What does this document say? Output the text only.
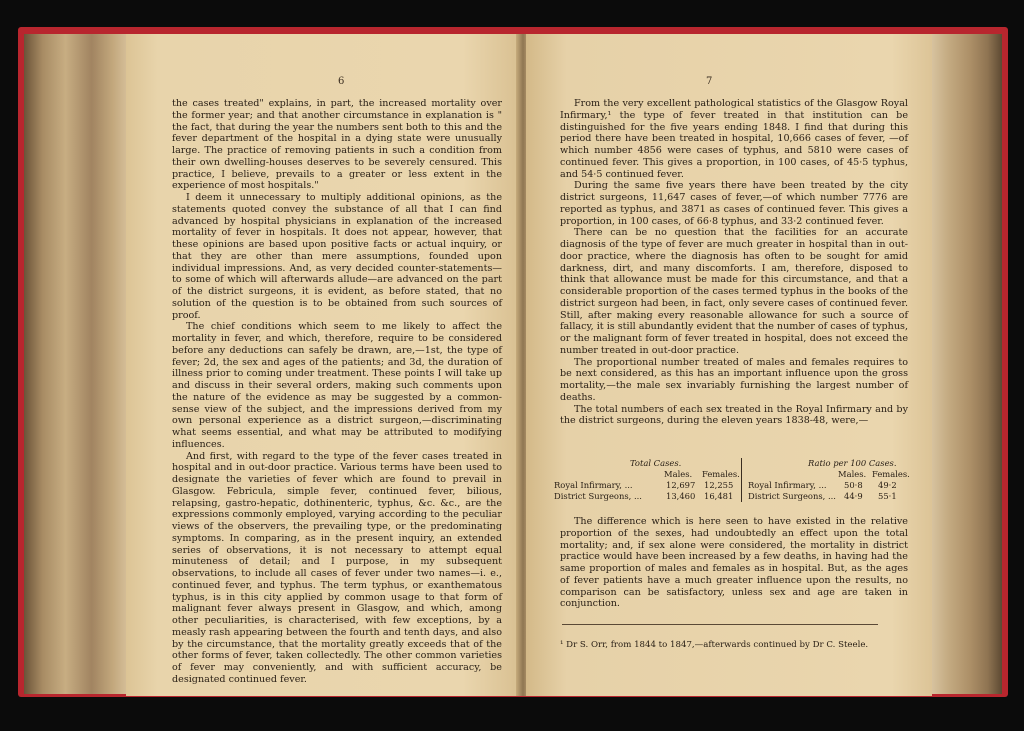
6

the cases treated" explains, in part, the increased mortality over the former year; and that another circumstance in explanation is " the fact, that during the year the numbers sent both to this and the fever department of the hospital in a dying state were unusually large. The practice of removing patients in such a condition from their own dwelling-houses deserves to be severely censured. This practice, I believe, prevails to a greater or less extent in the experience of most hospitals."

I deem it unnecessary to multiply additional opinions, as the statements quoted convey the substance of all that I can find advanced by hospital physicians in explanation of the increased mortality of fever in hospitals. It does not appear, however, that these opinions are based upon positive facts or actual inquiry, or that they are other than mere assumptions, founded upon individual impressions. And, as very decided counter-statements—to some of which will afterwards allude—are advanced on the part of the district surgeons, it is evident, as before stated, that no solution of the question is to be obtained from such sources of proof.

The chief conditions which seem to me likely to affect the mortality in fever, and which, therefore, require to be considered before any deductions can safely be drawn, are,—1st, the type of fever; 2d, the sex and ages of the patients; and 3d, the duration of illness prior to coming under treatment. These points I will take up and discuss in their several orders, making such comments upon the nature of the evidence as may be suggested by a common-sense view of the subject, and the impressions derived from my own personal experience as a district surgeon,—discriminating what seems essential, and what may be attributed to modifying influences.

And first, with regard to the type of the fever cases treated in hospital and in out-door practice. Various terms have been used to designate the varieties of fever which are found to prevail in Glasgow. Febricula, simple fever, continued fever, bilious, relapsing, gastro-hepatic, dothinenteric, typhus, &c. &c., are the expressions commonly employed, varying according to the peculiar views of the observers, the prevailing type, or the predominating symptoms. In comparing, as in the present inquiry, an extended series of observations, it is not necessary to attempt equal minuteness of detail; and I purpose, in my subsequent observations, to include all cases of fever under two names—i. e., continued fever, and typhus. The term typhus, or exanthematous typhus, is in this city applied by common usage to that form of malignant fever always present in Glasgow, and which, among other peculiarities, is characterised, with few exceptions, by a measly rash appearing between the fourth and tenth days, and also by the circumstance, that the mortality greatly exceeds that of the other forms of fever, taken collectedly. The other common varieties of fever may conveniently, and with sufficient accuracy, be designated continued fever.

7

From the very excellent pathological statistics of the Glasgow Royal Infirmary,¹ the type of fever treated in that institution can be distinguished for the five years ending 1848. I find that during this period there have been treated in hospital, 10,666 cases of fever, —of which number 4856 were cases of typhus, and 5810 were cases of continued fever. This gives a proportion, in 100 cases, of 45·5 typhus, and 54·5 continued fever.

During the same five years there have been treated by the city district surgeons, 11,647 cases of fever,—of which number 7776 are reported as typhus, and 3871 as cases of continued fever. This gives a proportion, in 100 cases, of 66·8 typhus, and 33·2 continued fever.

There can be no question that the facilities for an accurate diagnosis of the type of fever are much greater in hospital than in out-door practice, where the diagnosis has often to be sought for amid darkness, dirt, and many discomforts. I am, therefore, disposed to think that allowance must be made for this circumstance, and that a considerable proportion of the cases termed typhus in the books of the district surgeon had been, in fact, only severe cases of continued fever. Still, after making every reasonable allowance for such a source of fallacy, it is still abundantly evident that the number of cases of typhus, or the malignant form of fever treated in hospital, does not exceed the number treated in out-door practice.

The proportional number treated of males and females requires to be next considered, as this has an important influence upon the gross mortality,—the male sex invariably furnishing the largest number of deaths.

The total numbers of each sex treated in the Royal Infirmary and by the district surgeons, during the eleven years 1838-48, were,—

Total Cases.	Ratio per 100 Cases.
Males. Females.	Males. Females.
Royal Infirmary, ...	12,697 12,255 Royal Infirmary, ... 50·8 49·2
District Surgeons, ...	13,460 16,481 District Surgeons, ... 44·9 55·1

The difference which is here seen to have existed in the relative proportion of the sexes, had undoubtedly an effect upon the total mortality; and, if sex alone were considered, the mortality in district practice would have been increased by a few deaths, in having had the same proportion of males and females as in hospital. But, as the ages of fever patients have a much greater influence upon the results, no comparison can be satisfactory, unless sex and age are taken in conjunction.

¹ Dr S. Orr, from 1844 to 1847,—afterwards continued by Dr C. Steele.
